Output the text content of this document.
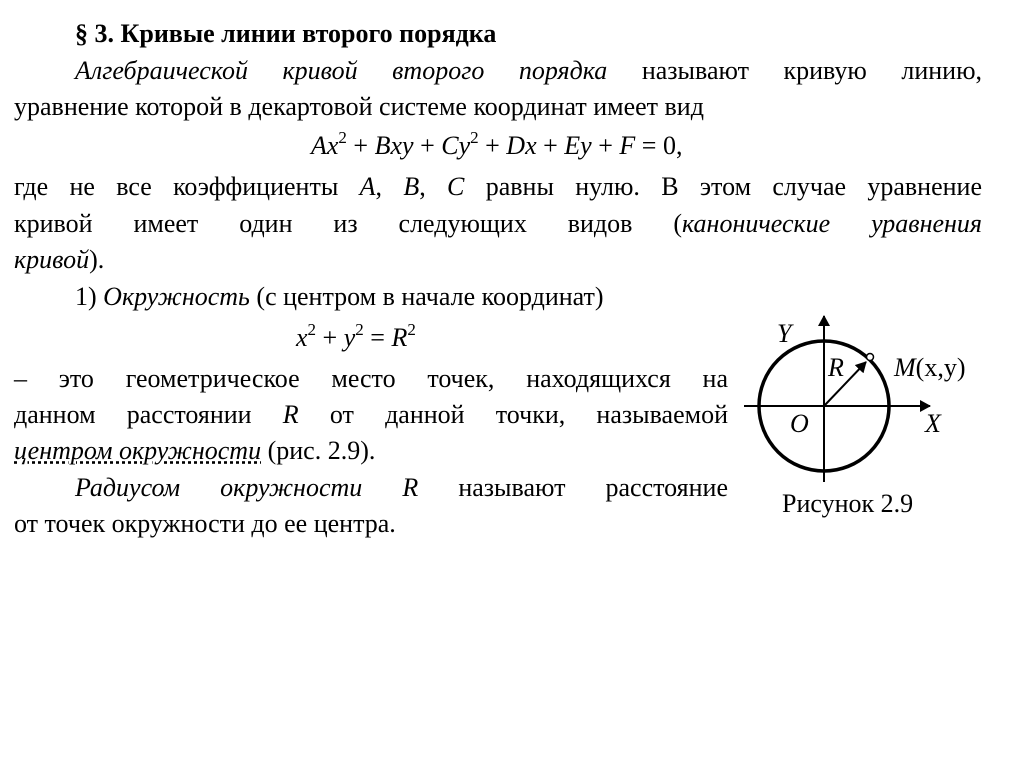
§ 3. Кривые линии второго порядка
Алгебраической кривой второго порядка называют кривую линию,
уравнение которой в декартовой системе координат имеет вид
$Ax^2$ + Bxy + $Cy^2 + Dx + Ey + F = 0$,
где не все коэффициенты A, B, C равны нулю. В этом случае уравнение
кривой имеет один из следующих видов (канонические уравнения
кривой).
1) Окружность (с центром в начале координат)
$x^2 + y^2 = R^2$
– это геометрическое место точек, находящихся на
данном расстоянии R от данной точки, называемой
центром окружности (рис. 2.9).
Радиусом окружности R называют расстояние
от точек окружности до ее центра.
Y
X
O
R M(x,y)
Рисунок 2.9
